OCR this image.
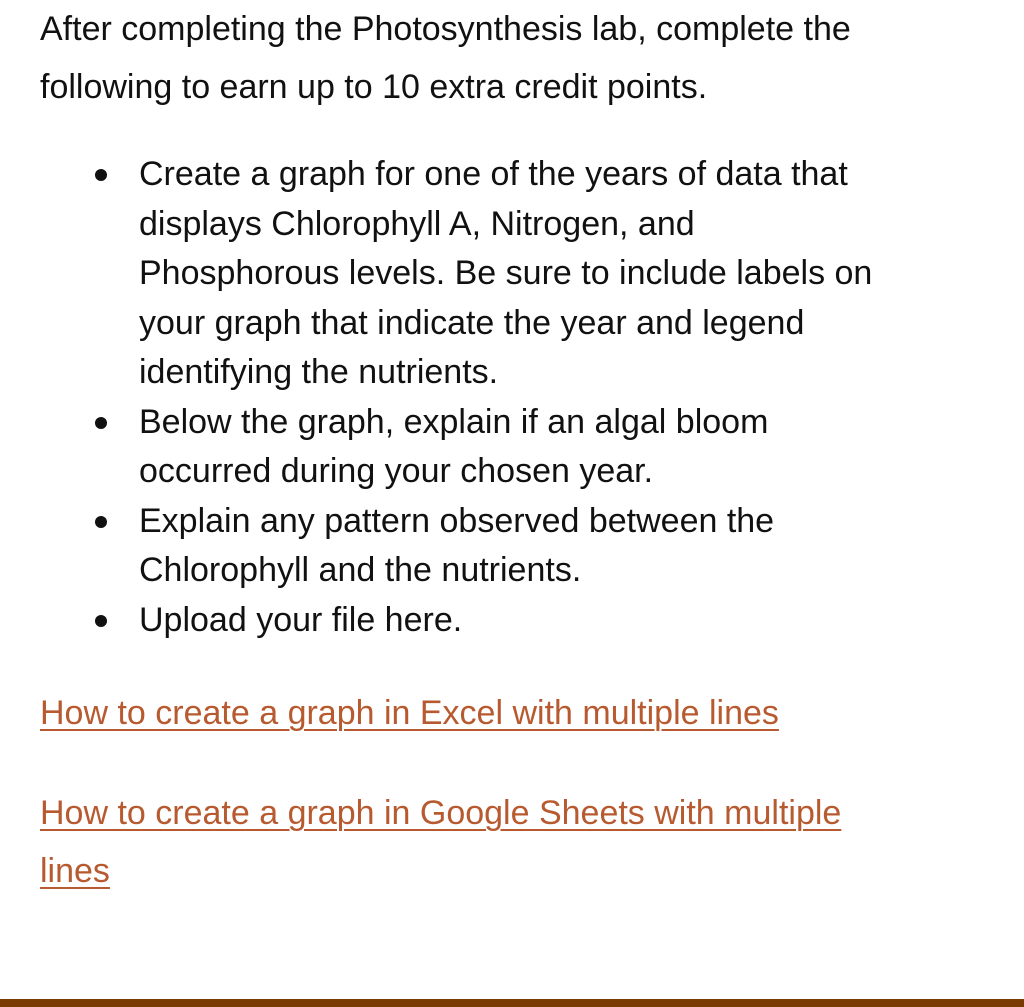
After completing the Photosynthesis lab, complete the
following to earn up to 10 extra credit points.
Create a graph for one of the years of data that
displays Chlorophyll A, Nitrogen, and
Phosphorous levels. Be sure to include labels on
your graph that indicate the year and legend
identifying the nutrients.
Below the graph, explain if an algal bloom
occurred during your chosen year.
Explain any pattern observed between the
Chlorophyll and the nutrients.
Upload your file here.
How to create a graph in Excel with multiple lines
How to create a graph in Google Sheets with multiple
lines
